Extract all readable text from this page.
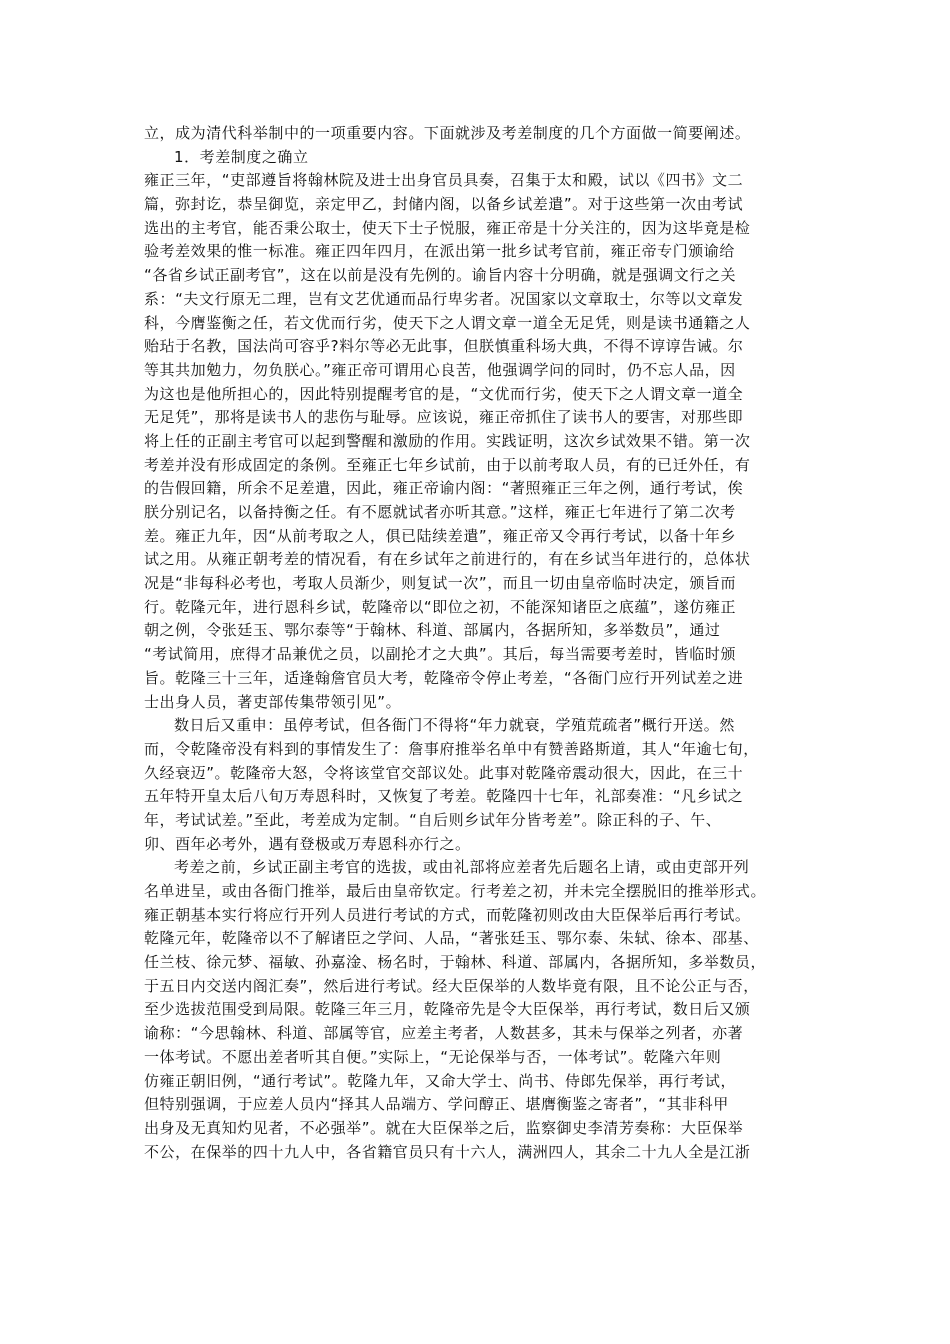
立，成为清代科举制中的一项重要内容。下面就涉及考差制度的几个方面做一简要阐述。
1．考差制度之确立
雍正三年，“吏部遵旨将翰林院及进士出身官员具奏，召集于太和殿，试以《四书》文二
篇，弥封讫，恭呈御览，亲定甲乙，封储内阁，以备乡试差遣”。对于这些第一次由考试
选出的主考官，能否秉公取士，使天下士子悦服，雍正帝是十分关注的，因为这毕竟是检
验考差效果的惟一标准。雍正四年四月，在派出第一批乡试考官前，雍正帝专门颁谕给
“各省乡试正副考官”，这在以前是没有先例的。谕旨内容十分明确，就是强调文行之关
系：“夫文行原无二理，岂有文艺优通而品行卑劣者。况国家以文章取士，尔等以文章发
科，今膺鉴衡之任，若文优而行劣，使天下之人谓文章一道全无足凭，则是读书通籍之人
贻玷于名教，国法尚可容乎?料尔等必无此事，但朕慎重科场大典，不得不谆谆告诫。尔
等其共加勉力，勿负朕心。”雍正帝可谓用心良苦，他强调学问的同时，仍不忘人品，因
为这也是他所担心的，因此特别提醒考官的是，“文优而行劣，使天下之人谓文章一道全
无足凭”，那将是读书人的悲伤与耻辱。应该说，雍正帝抓住了读书人的要害，对那些即
将上任的正副主考官可以起到警醒和激励的作用。实践证明，这次乡试效果不错。第一次
考差并没有形成固定的条例。至雍正七年乡试前，由于以前考取人员，有的已迁外任，有
的告假回籍，所余不足差遣，因此，雍正帝谕内阁：“著照雍正三年之例，通行考试，俟
朕分别记名，以备持衡之任。有不愿就试者亦听其意。”这样，雍正七年进行了第二次考
差。雍正九年，因“从前考取之人，俱已陆续差遣”，雍正帝又令再行考试，以备十年乡
试之用。从雍正朝考差的情况看，有在乡试年之前进行的，有在乡试当年进行的，总体状
况是“非每科必考也，考取人员渐少，则复试一次”，而且一切由皇帝临时决定，颁旨而
行。乾隆元年，进行恩科乡试，乾隆帝以“即位之初，不能深知诸臣之底蕴”，遂仿雍正
朝之例，令张廷玉、鄂尔泰等“于翰林、科道、部属内，各据所知，多举数员”，通过
“考试简用，庶得才品兼优之员，以副抡才之大典”。其后，每当需要考差时，皆临时颁
旨。乾隆三十三年，适逢翰詹官员大考，乾隆帝令停止考差，“各衙门应行开列试差之进
士出身人员，著吏部传集带领引见”。
数日后又重申：虽停考试，但各衙门不得将“年力就衰，学殖荒疏者”概行开送。然
而，令乾隆帝没有料到的事情发生了：詹事府推举名单中有赞善路斯道，其人“年逾七旬，
久经衰迈”。乾隆帝大怒，令将该堂官交部议处。此事对乾隆帝震动很大，因此，在三十
五年特开皇太后八旬万寿恩科时，又恢复了考差。乾隆四十七年，礼部奏准：“凡乡试之
年，考试试差。”至此，考差成为定制。“自后则乡试年分皆考差”。除正科的子、午、
卯、酉年必考外，遇有登极或万寿恩科亦行之。
考差之前，乡试正副主考官的选拔，或由礼部将应差者先后题名上请，或由吏部开列
名单进呈，或由各衙门推举，最后由皇帝钦定。行考差之初，并未完全摆脱旧的推举形式。
雍正朝基本实行将应行开列人员进行考试的方式，而乾隆初则改由大臣保举后再行考试。
乾隆元年，乾隆帝以不了解诸臣之学问、人品，“著张廷玉、鄂尔泰、朱轼、徐本、邵基、
任兰枝、徐元梦、福敏、孙嘉淦、杨名时，于翰林、科道、部属内，各据所知，多举数员，
于五日内交送内阁汇奏”，然后进行考试。经大臣保举的人数毕竟有限，且不论公正与否，
至少选拔范围受到局限。乾隆三年三月，乾隆帝先是令大臣保举，再行考试，数日后又颁
谕称：“今思翰林、科道、部属等官，应差主考者，人数甚多，其未与保举之列者，亦著
一体考试。不愿出差者听其自便。”实际上，“无论保举与否，一体考试”。乾隆六年则
仿雍正朝旧例，“通行考试”。乾隆九年，又命大学士、尚书、侍郎先保举，再行考试，
但特别强调，于应差人员内“择其人品端方、学问醇正、堪膺衡鉴之寄者”，“其非科甲
出身及无真知灼见者，不必强举”。就在大臣保举之后，监察御史李清芳奏称：大臣保举
不公，在保举的四十九人中，各省籍官员只有十六人，满洲四人，其余二十九人全是江浙
